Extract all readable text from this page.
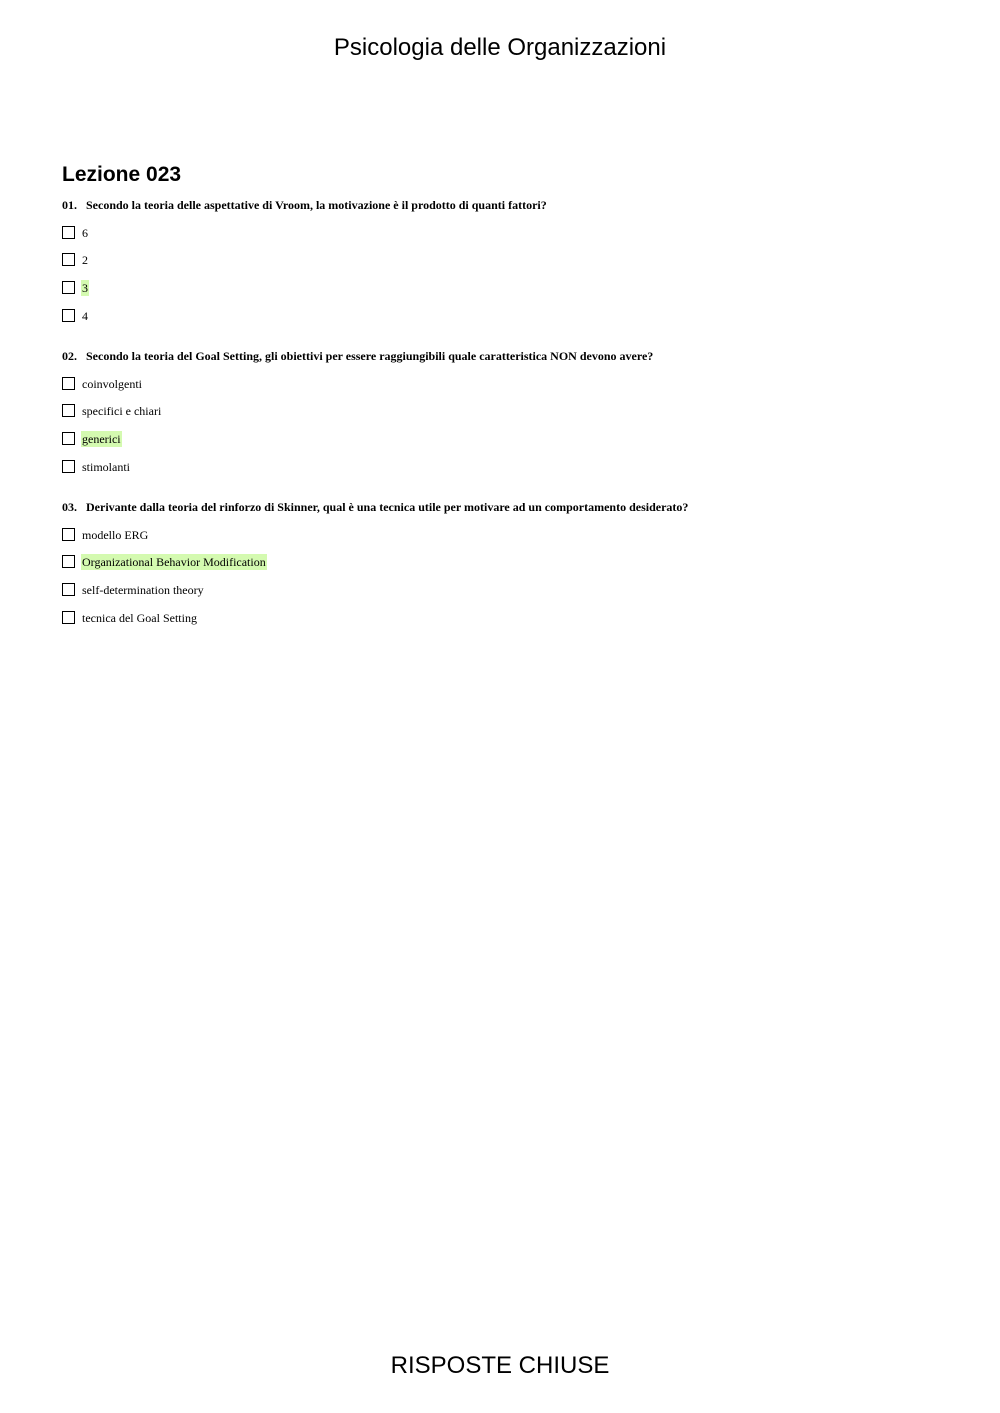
Psicologia delle Organizzazioni
Lezione 023
01. Secondo la teoria delle aspettative di Vroom, la motivazione è il prodotto di quanti fattori?
6
2
3
4
02. Secondo la teoria del Goal Setting, gli obiettivi per essere raggiungibili quale caratteristica NON devono avere?
coinvolgenti
specifici e chiari
generici
stimolanti
03. Derivante dalla teoria del rinforzo di Skinner, qual è una tecnica utile per motivare ad un comportamento desiderato?
modello ERG
Organizational Behavior Modification
self-determination theory
tecnica del Goal Setting
RISPOSTE CHIUSE
